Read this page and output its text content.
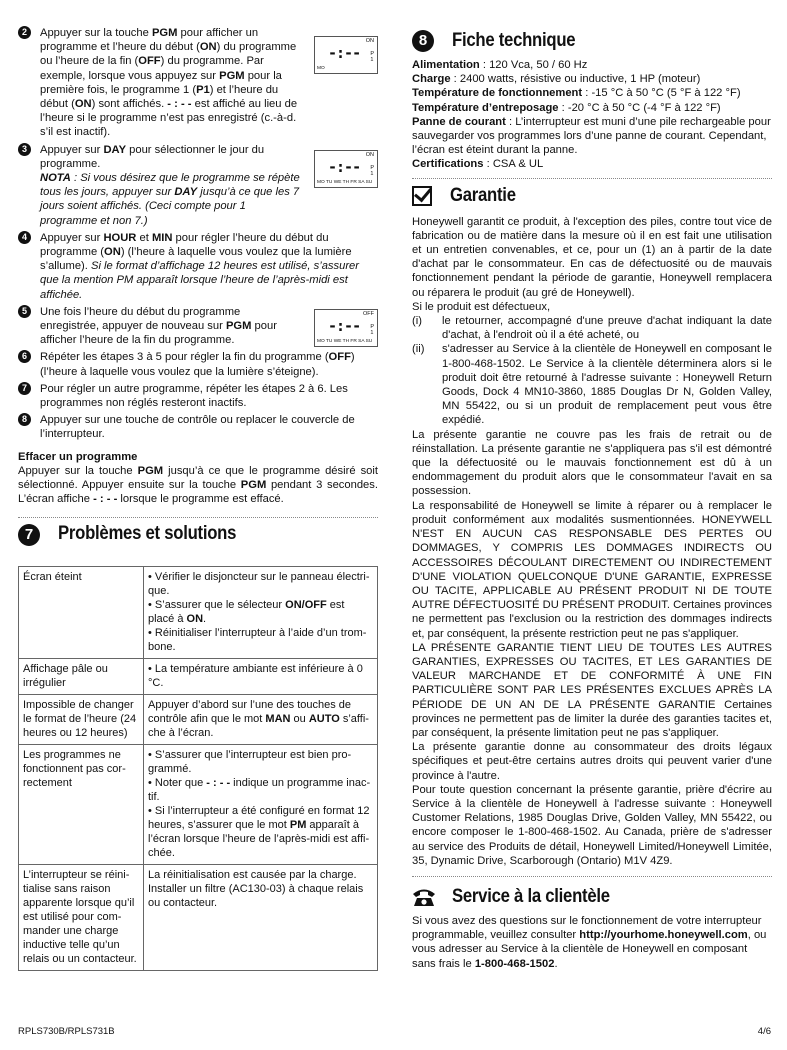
2	Appuyer sur la touche PGM pour afficher un programme et l’heure du début (ON) du programme ou l’heure de la fin (OFF) du programme. Par exemple, lorsque vous appuyez sur PGM pour la première fois, le programme 1 (P1) et l’heure du début (ON) sont affichés. - : - - est affiché au lieu de l’heure si le programme n’est pas enregistré (c.-à-d. s’il est inactif).
ON
-:-- P
1
MO
3	Appuyer sur DAY pour sélectionner le jour du programme.
NOTA : Si vous désirez que le programme se répète tous les jours, appuyer sur DAY jusqu’à ce que les 7 jours soient affichés. (Ceci compte pour 1 programme et non 7.)
ON
-:-- P
1
MO TU WE TH FR SA SU
4	Appuyer sur HOUR et MIN pour régler l’heure du début du programme (ON) (l’heure à laquelle vous voulez que la lumière s’allume). Si le format d’affichage 12 heures est utilisé, s’assurer que la mention PM apparaît lorsque l’heure de l’après-midi est affichée.
5	Une fois l’heure du début du programme enregistrée, appuyer de nouveau sur PGM pour afficher l’heure de la fin du programme.
OFF
-:-- P
1
MO TU WE TH FR SA SU
6	Répéter les étapes 3 à 5 pour régler la fin du programme (OFF) (l’heure à laquelle vous voulez que la lumière s’éteigne).
7	Pour régler un autre programme, répéter les étapes 2 à 6. Les programmes non réglés resteront inactifs.
8	Appuyer sur une touche de contrôle ou replacer le couvercle de l’interrupteur.
Effacer un programme
Appuyer sur la touche PGM jusqu’à ce que le programme désiré soit sélectionné. Appuyer ensuite sur la touche PGM pendant 3 secondes. L’écran affiche - : - - lorsque le programme est effacé.
7	Problèmes et solutions
Écran éteint	• Vérifier le disjoncteur sur le panneau électri-que.
• S’assurer que le sélecteur ON/OFF est placé à ON.
• Réinitialiser l’interrupteur à l’aide d’un trom-bone.
Affichage pâle ou irrégulier	• La température ambiante est inférieure à 0 °C.
Impossible de changer le format de l’heure (24 heures ou 12 heures)	Appuyer d’abord sur l’une des touches de contrôle afin que le mot MAN ou AUTO s’affi-che à l’écran.
Les programmes ne fonctionnent pas cor-rectement	• S’assurer que l’interrupteur est bien pro-grammé.
• Noter que - : - - indique un programme inac-tif.
• Si l’interrupteur a été configuré en format 12 heures, s’assurer que le mot PM apparaît à l’écran lorsque l’heure de l’après-midi est affi-chée.
L’interrupteur se réini-tialise sans raison apparente lorsque qu’il est utilisé pour com-mander une charge inductive telle qu’un relais ou un contacteur.	La réinitialisation est causée par la charge. Installer un filtre (AC130-03) à chaque relais ou contacteur.
8	Fiche technique
Alimentation : 120 Vca, 50 / 60 Hz
Charge : 2400 watts, résistive ou inductive, 1 HP (moteur)
Température de fonctionnement : -15 °C à 50 °C (5 °F à 122 °F)
Température d’entreposage : -20 °C à 50 °C (-4 °F à 122 °F)
Panne de courant : L’interrupteur est muni d’une pile rechargeable pour sauvegarder vos programmes lors d’une panne de courant. Cependant, l’écran est éteint durant la panne.
Certifications : CSA & UL
Garantie
Honeywell garantit ce produit, à l'exception des piles, contre tout vice de fabrication ou de matière dans la mesure où il en est fait une utilisation et un entretien convenables, et ce, pour un (1) an à partir de la date d'achat par le consommateur. En cas de défectuosité ou de mauvais fonctionnement pendant la période de garantie, Honeywell remplacera ou réparera le produit (au gré de Honeywell).
Si le produit est défectueux,
(i) le retourner, accompagné d'une preuve d'achat indiquant la date d'achat, à l'endroit où il a été acheté, ou
(ii) s'adresser au Service à la clientèle de Honeywell en composant le 1-800-468-1502. Le Service à la clientèle déterminera alors si le produit doit être retourné à l'adresse suivante : Honeywell Return Goods, Dock 4 MN10-3860, 1885 Douglas Dr N, Golden Valley, MN 55422, ou si un produit de remplacement peut vous être expédié.
La présente garantie ne couvre pas les frais de retrait ou de réinstallation. La présente garantie ne s'appliquera pas s'il est démontré que la défectuosité ou le mauvais fonctionnement est dû à un endommagement du produit alors que le consommateur l'avait en sa possession.
La responsabilité de Honeywell se limite à réparer ou à remplacer le produit conformément aux modalités susmentionnées. HONEYWELL N'EST EN AUCUN CAS RESPONSABLE DES PERTES OU DOMMAGES, Y COMPRIS LES DOMMAGES INDIRECTS OU ACCESSOIRES DÉCOULANT DIRECTEMENT OU INDIRECTEMENT D'UNE VIOLATION QUELCONQUE D'UNE GARANTIE, EXPRESSE OU TACITE, APPLICABLE AU PRÉSENT PRODUIT NI DE TOUTE AUTRE DÉFECTUOSITÉ DU PRÉSENT PRODUIT. Certaines provinces ne permettent pas l'exclusion ou la restriction des dommages indirects et, par conséquent, la présente restriction peut ne pas s'appliquer.
LA PRÉSENTE GARANTIE TIENT LIEU DE TOUTES LES AUTRES GARANTIES, EXPRESSES OU TACITES, ET LES GARANTIES DE VALEUR MARCHANDE ET DE CONFORMITÉ À UNE FIN PARTICULIÈRE SONT PAR LES PRÉSENTES EXCLUES APRÈS LA PÉRIODE DE UN AN DE LA PRÉSENTE GARANTIE Certaines provinces ne permettent pas de limiter la durée des garanties tacites et, par conséquent, la présente limitation peut ne pas s'appliquer.
La présente garantie donne au consommateur des droits légaux spécifiques et peut-être certains autres droits qui peuvent varier d'une province à l'autre.
Pour toute question concernant la présente garantie, prière d'écrire au Service à la clientèle de Honeywell à l'adresse suivante : Honeywell Customer Relations, 1985 Douglas Drive, Golden Valley, MN 55422, ou encore composer le 1-800-468-1502. Au Canada, prière de s'adresser au service des Produits de détail, Honeywell Limited/Honeywell Limitée, 35, Dynamic Drive, Scarborough (Ontario) M1V 4Z9.
Service à la clientèle
Si vous avez des questions sur le fonctionnement de votre interrupteur programmable, veuillez consulter http://yourhome.honeywell.com, ou vous adresser au Service à la clientèle de Honeywell en composant sans frais le 1-800-468-1502.
RPLS730B/RPLS731B	4/6
